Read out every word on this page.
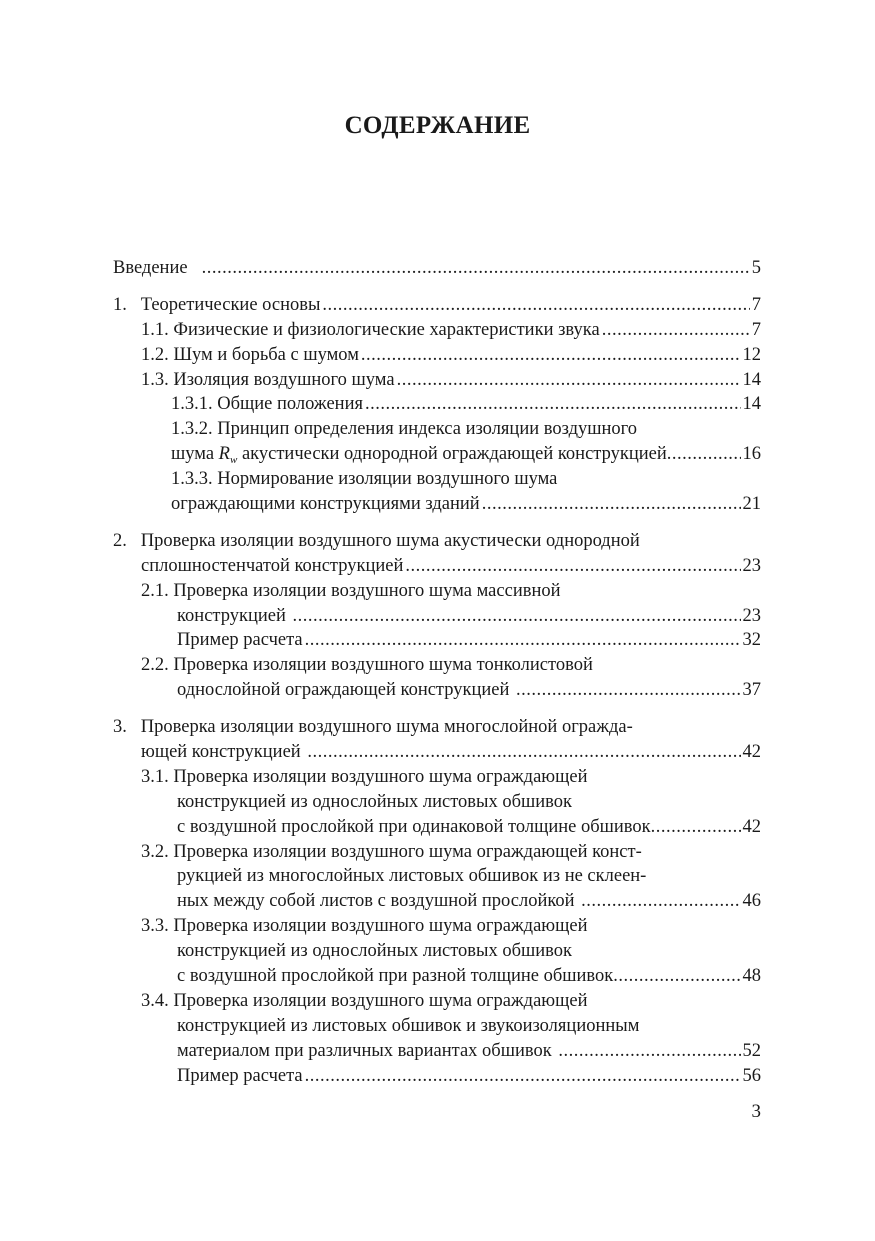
СОДЕРЖАНИЕ
Введение .....	5
1.   Теоретические основы .....	7
1.1. Физические и физиологические характеристики звука .....	7
1.2. Шум и борьба с шумом .....	12
1.3. Изоляция воздушного шума .....	14
1.3.1. Общие положения .....	14
1.3.2. Принцип определения индекса изоляции воздушного
шума $R_w$ акустически однородной ограждающей конструкцией .....	16
1.3.3. Нормирование изоляции воздушного шума
ограждающими конструкциями зданий .....	21
2.   Проверка изоляции воздушного шума акустически однородной
сплошностенчатой конструкцией .....	23
2.1. Проверка изоляции воздушного шума массивной
конструкцией .....	23
Пример расчета .....	32
2.2. Проверка изоляции воздушного шума тонколистовой
однослойной ограждающей конструкцией .....	37
3.   Проверка изоляции воздушного шума многослойной огражда-
ющей конструкцией .....	42
3.1. Проверка изоляции воздушного шума ограждающей
конструкцией из однослойных листовых обшивок
с воздушной прослойкой при одинаковой толщине обшивок .....	42
3.2. Проверка изоляции воздушного шума ограждающей конст-
рукцией из многослойных листовых обшивок из не склеен-
ных между собой листов с воздушной прослойкой .....	46
3.3. Проверка изоляции воздушного шума ограждающей
конструкцией из однослойных листовых обшивок
с воздушной прослойкой при разной толщине обшивок .....	48
3.4. Проверка изоляции воздушного шума ограждающей
конструкцией из листовых обшивок и звукоизоляционным
материалом при различных вариантах обшивок .....	52
Пример расчета .....	56
3
